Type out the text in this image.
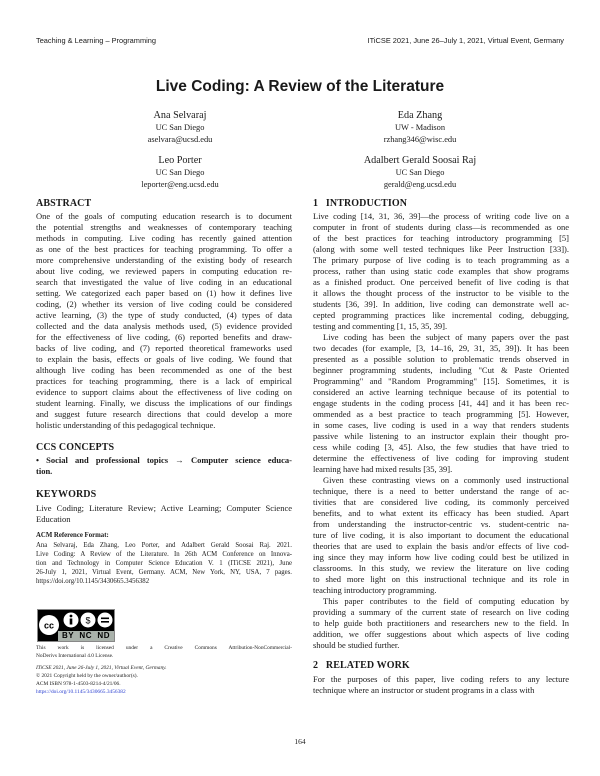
Teaching & Learning – Programming	ITiCSE 2021, June 26–July 1, 2021, Virtual Event, Germany
Live Coding: A Review of the Literature
Ana Selvaraj
UC San Diego
aselvara@ucsd.edu
Eda Zhang
UW - Madison
rzhang346@wisc.edu
Leo Porter
UC San Diego
leporter@eng.ucsd.edu
Adalbert Gerald Soosai Raj
UC San Diego
gerald@eng.ucsd.edu
ABSTRACT
One of the goals of computing education research is to document
the potential strengths and weaknesses of contemporary teaching
methods in computing. Live coding has recently gained attention
as one of the best practices for teaching programming. To offer a
more comprehensive understanding of the existing body of research
about live coding, we reviewed papers in computing education re-
search that investigated the value of live coding in an educational
setting. We categorized each paper based on (1) how it defines live
coding, (2) whether its version of live coding could be considered
active learning, (3) the type of study conducted, (4) types of data
collected and the data analysis methods used, (5) evidence provided
for the effectiveness of live coding, (6) reported benefits and draw-
backs of live coding, and (7) reported theoretical frameworks used
to explain the basis, effects or goals of live coding. We found that
although live coding has been recommended as one of the best
practices for teaching programming, there is a lack of empirical
evidence to support claims about the effectiveness of live coding on
student learning. Finally, we discuss the implications of our findings
and suggest future research directions that could develop a more
holistic understanding of this pedagogical technique.
CCS CONCEPTS
• Social and professional topics → Computer science educa-
tion.
KEYWORDS
Live Coding; Literature Review; Active Learning; Computer Science
Education
ACM Reference Format:
Ana Selvaraj, Eda Zhang, Leo Porter, and Adalbert Gerald Soosai Raj. 2021.
Live Coding: A Review of the Literature. In 26th ACM Conference on Innova-
tion and Technology in Computer Science Education V. 1 (ITiCSE 2021), June
26-July 1, 2021, Virtual Event, Germany. ACM, New York, NY, USA, 7 pages.
https://doi.org/10.1145/3430665.3456382
cc	$
BY  NC  ND
This work is licensed under a Creative Commons Attribution-NonCommercial-
NoDerivs International 4.0 License.
ITiCSE 2021, June 26-July 1, 2021, Virtual Event, Germany.
© 2021 Copyright held by the owner/author(s).
ACM ISBN 978-1-4503-8214-4/21/06.
https://doi.org/10.1145/3430665.3456382
1   INTRODUCTION
Live coding [14, 31, 36, 39]—the process of writing code live on a
computer in front of students during class—is recommended as one
of the best practices for teaching introductory programming [5]
(along with some well tested techniques like Peer Instruction [33]).
The primary purpose of live coding is to teach programming as a
process, rather than using static code examples that show programs
as a finished product. One perceived benefit of live coding is that
it allows the thought process of the instructor to be visible to the
students [36, 39]. In addition, live coding can demonstrate well ac-
cepted programming practices like incremental coding, debugging,
testing and commenting [1, 15, 35, 39].
Live coding has been the subject of many papers over the past
two decades (for example, [3, 14–16, 29, 31, 35, 39]). It has been
presented as a possible solution to problematic trends observed in
beginner programming students, including "Cut & Paste Oriented
Programming" and "Random Programming" [15]. Sometimes, it is
considered an active learning technique because of its potential to
engage students in the coding process [41, 44] and it has been rec-
ommended as a best practice to teach programming [5]. However,
in some cases, live coding is used in a way that renders students
passive while listening to an instructor explain their thought pro-
cess while coding [3, 45]. Also, the few studies that have tried to
determine the effectiveness of live coding for improving student
learning have had mixed results [35, 39].
Given these contrasting views on a commonly used instructional
technique, there is a need to better understand the range of ac-
tivities that are considered live coding, its commonly perceived
benefits, and to what extent its efficacy has been studied. Apart
from understanding the instructor-centric vs. student-centric na-
ture of live coding, it is also important to document the educational
theories that are used to explain the basis and/or effects of live cod-
ing since they may inform how live coding could best be utilized in
classrooms. In this study, we review the literature on live coding
to shed more light on this instructional technique and its role in
teaching introductory programming.
This paper contributes to the field of computing education by
providing a summary of the current state of research on live coding
to help guide both practitioners and researchers new to the field. In
addition, we offer suggestions about which aspects of live coding
should be studied further.
2   RELATED WORK
For the purposes of this paper, live coding refers to any lecture
technique where an instructor or student programs in a class with
164
